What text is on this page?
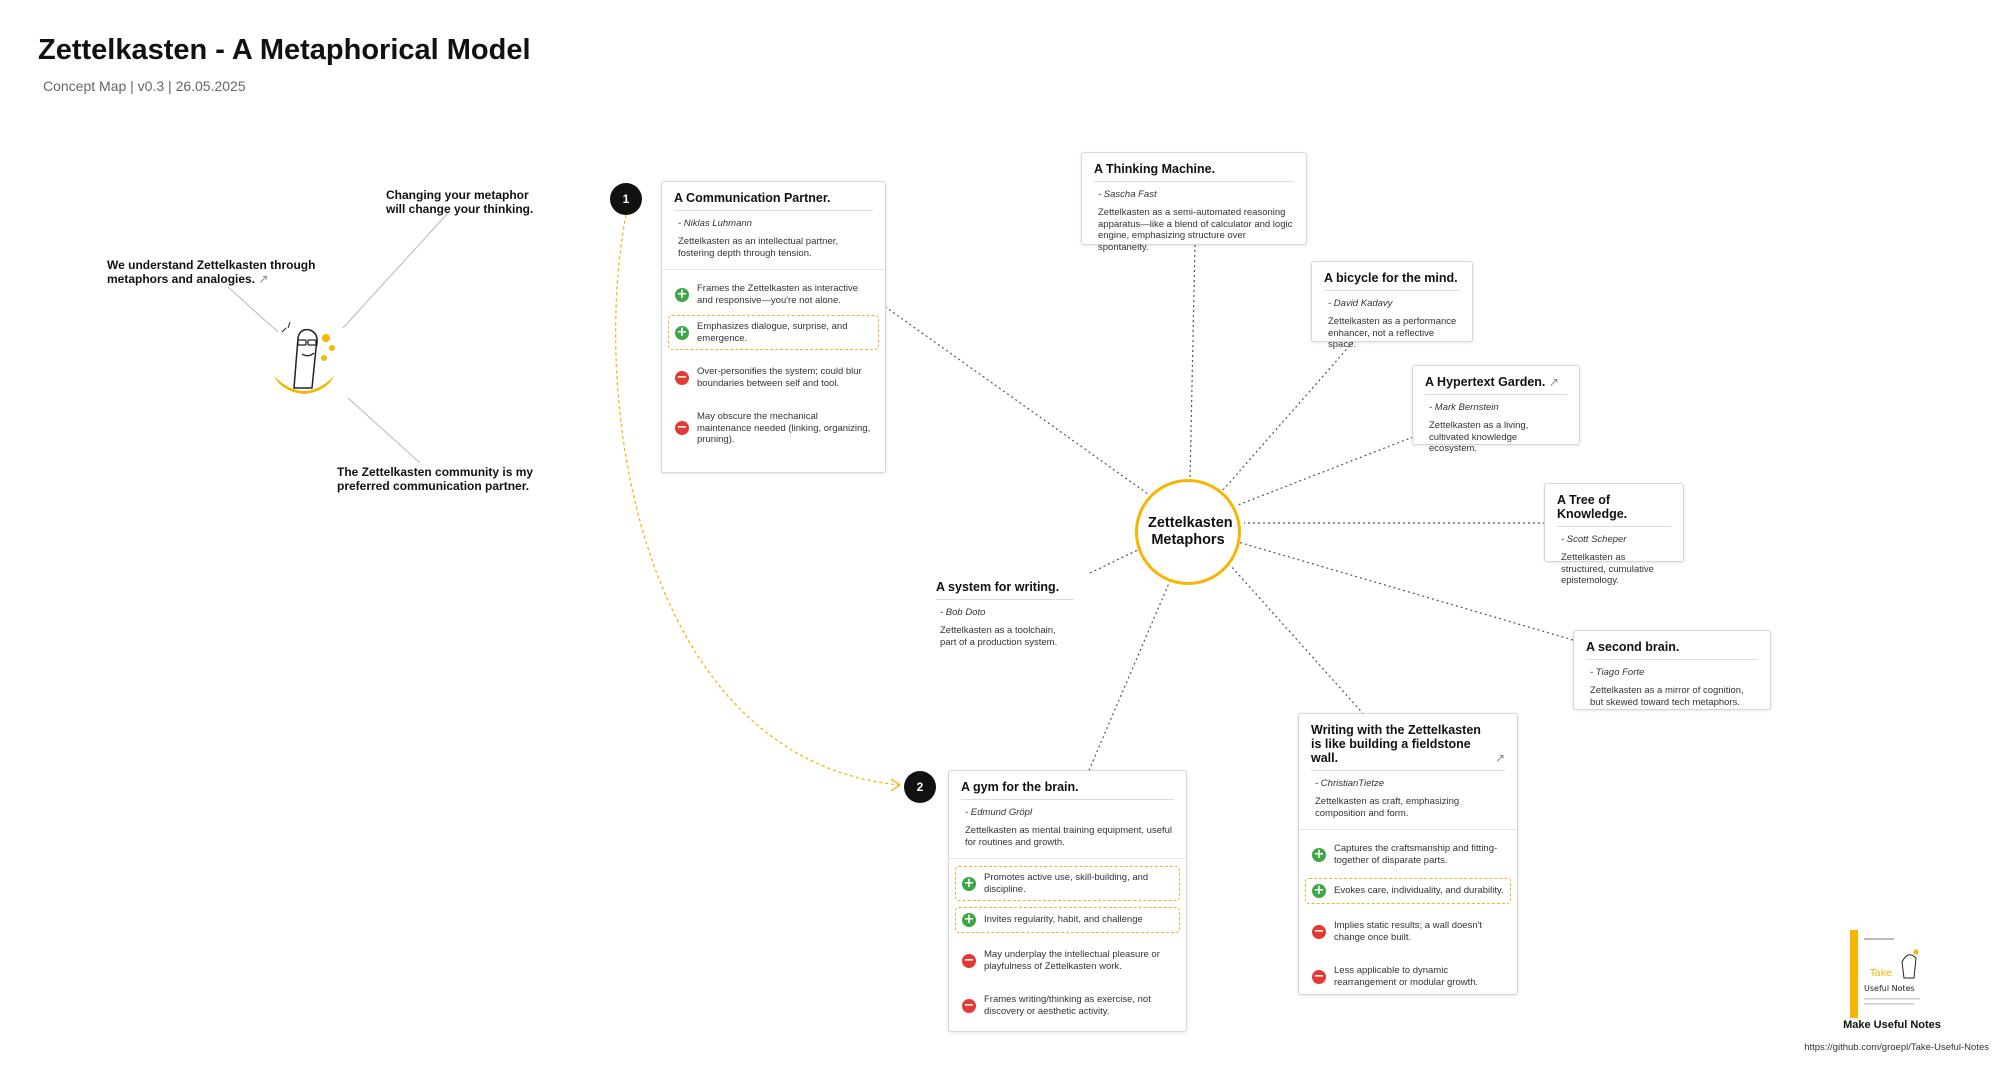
Zettelkasten - A Metaphorical Model
Concept Map | v0.3 | 26.05.2025
Changing your metaphor will change your thinking.
We understand Zettelkasten through metaphors and analogies. ↗
The Zettelkasten community is my preferred communication partner.
1
2
A Communication Partner.
- Niklas Luhmann
Zettelkasten as an intellectual partner, fostering depth through tension.
+ Frames the Zettelkasten as interactive and responsive—you're not alone.
+ Emphasizes dialogue, surprise, and emergence.
− Over-personifies the system; could blur boundaries between self and tool.
−
May obscure the mechanical maintenance needed (linking, organizing, pruning).
A Thinking Machine.
- Sascha Fast
Zettelkasten as a semi-automated reasoning apparatus—like a blend of calculator and logic engine, emphasizing structure over spontaneity.
A bicycle for the mind.
- David Kadavy
Zettelkasten as a performance enhancer, not a reflective space.
A Hypertext Garden. ↗
- Mark Bernstein
Zettelkasten as a living, cultivated knowledge ecosystem.
A Tree of Knowledge.
- Scott Scheper
Zettelkasten as structured, cumulative epistemology.
A second brain.
- Tiago Forte
Zettelkasten as a mirror of cognition, but skewed toward tech metaphors.
A system for writing.
- Bob Doto
Zettelkasten as a toolchain, part of a production system.
A gym for the brain.
- Edmund Gröpl
Zettelkasten as mental training equipment, useful for routines and growth.
+ Promotes active use, skill-building, and discipline.
+ Invites regularity, habit, and challenge
− May underplay the intellectual pleasure or playfulness of Zettelkasten work.
− Frames writing/thinking as exercise, not discovery or aesthetic activity.
Writing with the Zettelkasten is like building a fieldstone wall.	↗
- ChristianTietze
Zettelkasten as craft, emphasizing composition and form.
+ Captures the craftsmanship and fitting-together of disparate parts.
+ Evokes care, individuality, and durability.
− Implies static results; a wall doesn't change once built.
− Less applicable to dynamic rearrangement or modular growth.
Zettelkasten Metaphors
Take
Useful Notes
Make Useful Notes
https://github.com/groepl/Take-Useful-Notes
